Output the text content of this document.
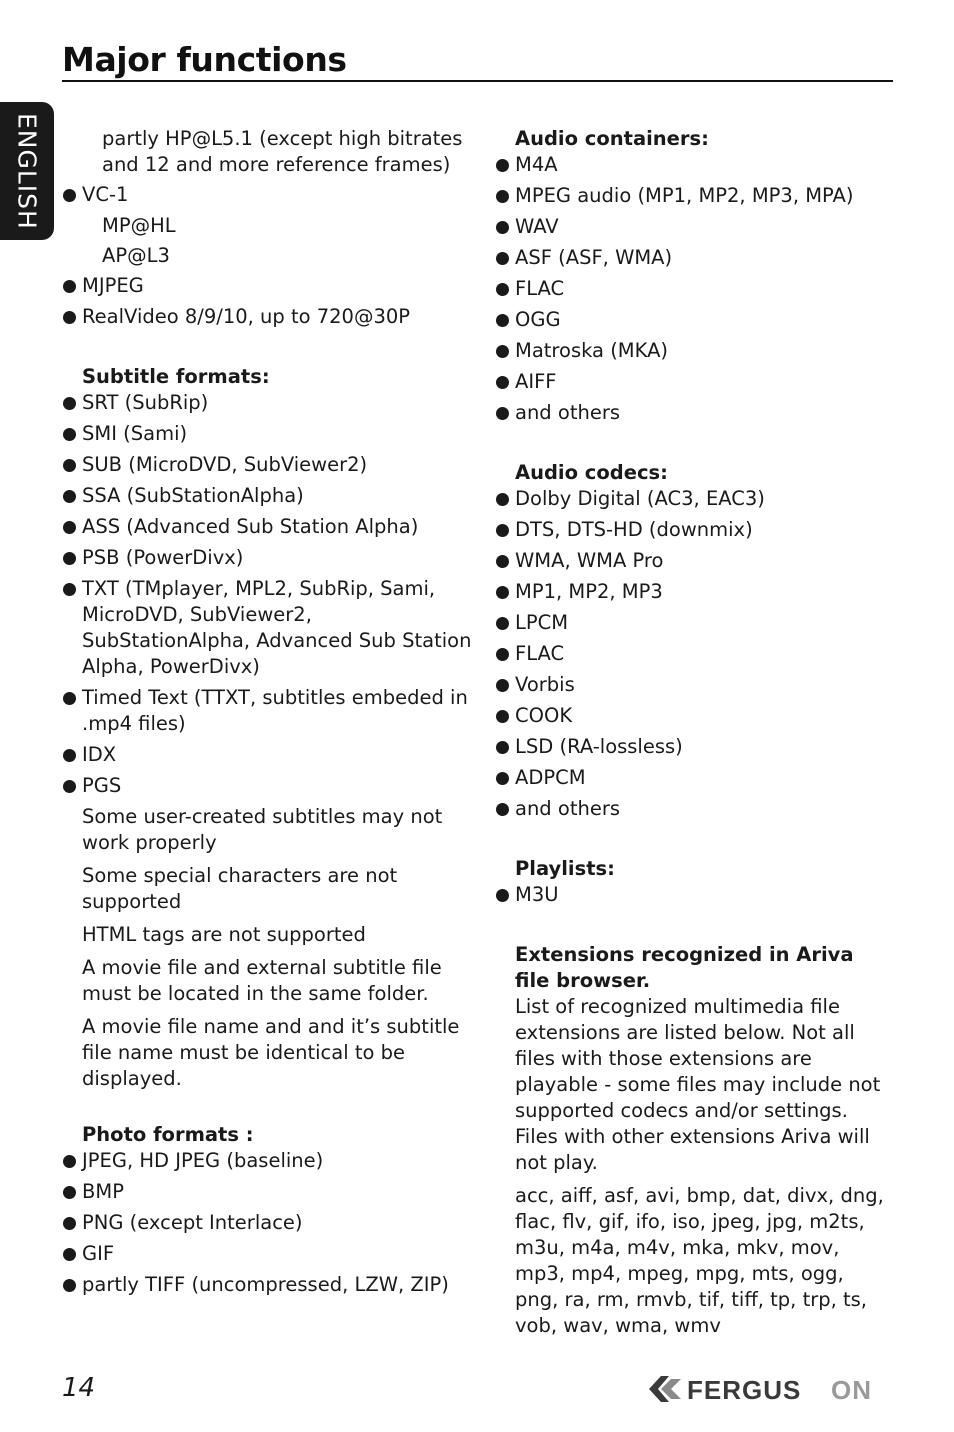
Major functions
ENGLISH	partly HP@L5.1 (except high bitrates and 12 and more reference frames)
VC-1
MP@HL
AP@L3
MJPEG
RealVideo 8/9/10, up to 720@30P
Subtitle formats:
SRT (SubRip)
SMI (Sami)
SUB (MicroDVD, SubViewer2)
SSA (SubStationAlpha)
ASS (Advanced Sub Station Alpha)
PSB (PowerDivx)
TXT (TMplayer, MPL2, SubRip, Sami, MicroDVD, SubViewer2, SubStationAlpha, Advanced Sub Station Alpha, PowerDivx)
Timed Text (TTXT, subtitles embeded in .mp4 files)
IDX
PGS
Some user-created subtitles may not work properly
Some special characters are not supported
HTML tags are not supported
A movie file and external subtitle file must be located in the same folder.
A movie file name and and it’s subtitle file name must be identical to be displayed.
Photo formats :
JPEG, HD JPEG (baseline)
BMP
PNG (except Interlace)
GIF
partly TIFF (uncompressed, LZW, ZIP)
Audio containers:
M4A
MPEG audio (MP1, MP2, MP3, MPA)
WAV
ASF (ASF, WMA)
FLAC
OGG
Matroska (MKA)
AIFF
and others
Audio codecs:
Dolby Digital (AC3, EAC3)
DTS, DTS-HD (downmix)
WMA, WMA Pro
MP1, MP2, MP3
LPCM
FLAC
Vorbis
COOK
LSD (RA-lossless)
ADPCM
and others
Playlists:
M3U
Extensions recognized in Ariva file browser.
List of recognized multimedia file extensions are listed below. Not all files with those extensions are playable - some files may include not supported codecs and/or settings. Files with other extensions Ariva will not play.
acc, aiff, asf, avi, bmp, dat, divx, dng, flac, flv, gif, ifo, iso, jpeg, jpg, m2ts, m3u, m4a, m4v, mka, mkv, mov, mp3, mp4, mpeg, mpg, mts, ogg, png, ra, rm, rmvb, tif, tiff, tp, trp, ts, vob, wav, wma, wmv
14	FERGUS ON
